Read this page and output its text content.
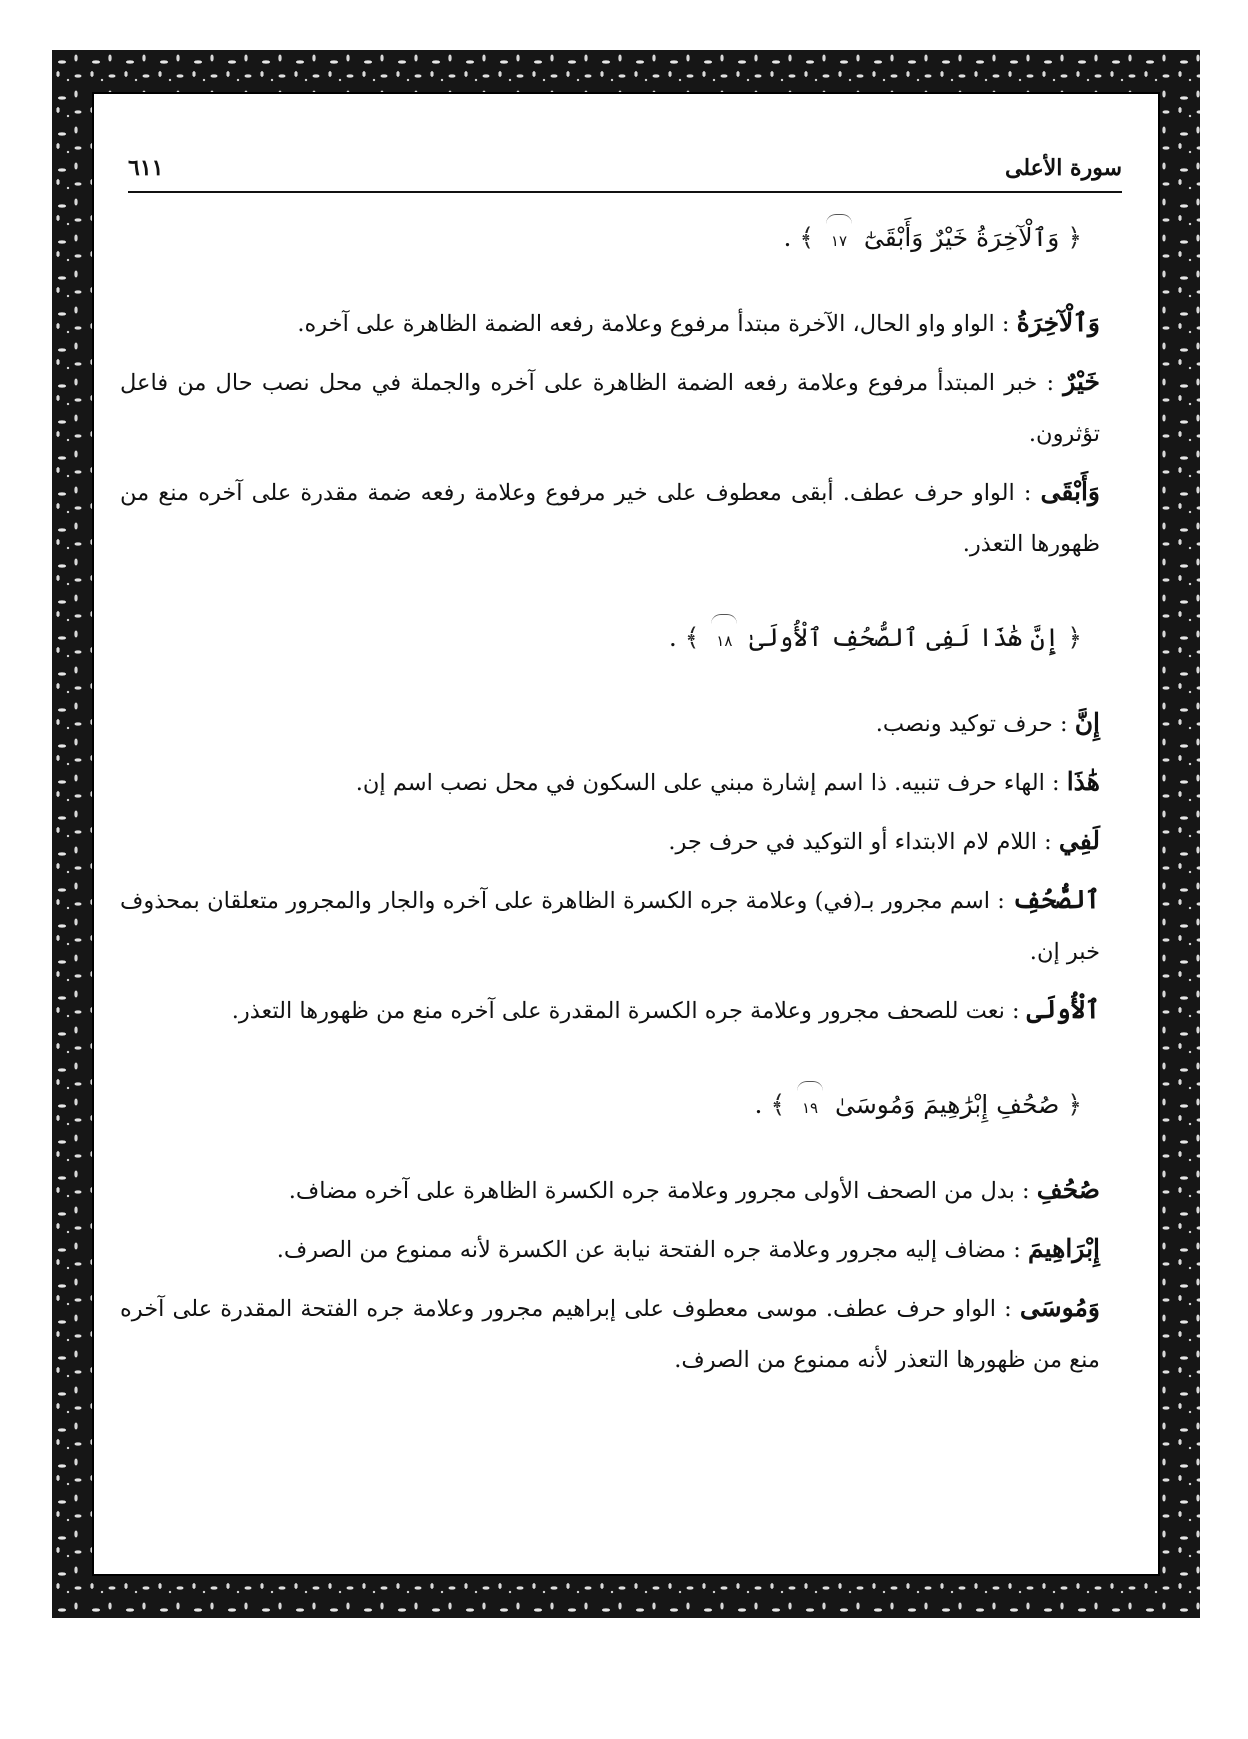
سورة الأعلى
٦١١
﴿ وَٱلْآخِرَةُ خَيْرٌ وَأَبْقَىٰٓ ١٧ ﴾ .

وَٱلْآخِرَةُ : الواو واو الحال، الآخرة مبتدأ مرفوع وعلامة رفعه الضمة الظاهرة على آخره.

خَيْرٌ : خبر المبتدأ مرفوع وعلامة رفعه الضمة الظاهرة على آخره والجملة في محل نصب حال من فاعل تؤثرون.

وَأَبْقَى : الواو حرف عطف. أبقى معطوف على خير مرفوع وعلامة رفعه ضمة مقدرة على آخره منع من ظهورها التعذر.

﴿ إِنَّ هَٰذَا لَفِى ٱلصُّحُفِ ٱلْأُولَىٰ ١٨ ﴾ .

إِنَّ : حرف توكيد ونصب.

هَٰذَا : الهاء حرف تنبيه. ذا اسم إشارة مبني على السكون في محل نصب اسم إن.

لَفِي : اللام لام الابتداء أو التوكيد في حرف جر.

ٱلصُّحُفِ : اسم مجرور بـ(في) وعلامة جره الكسرة الظاهرة على آخره والجار والمجرور متعلقان بمحذوف خبر إن.

ٱلْأُولَى : نعت للصحف مجرور وعلامة جره الكسرة المقدرة على آخره منع من ظهورها التعذر.

﴿ صُحُفِ إِبْرَٰهِيمَ وَمُوسَىٰ ١٩ ﴾ .

صُحُفِ : بدل من الصحف الأولى مجرور وعلامة جره الكسرة الظاهرة على آخره مضاف.

إِبْرَاهِيمَ : مضاف إليه مجرور وعلامة جره الفتحة نيابة عن الكسرة لأنه ممنوع من الصرف.

وَمُوسَى : الواو حرف عطف. موسى معطوف على إبراهيم مجرور وعلامة جره الفتحة المقدرة على آخره منع من ظهورها التعذر لأنه ممنوع من الصرف.
